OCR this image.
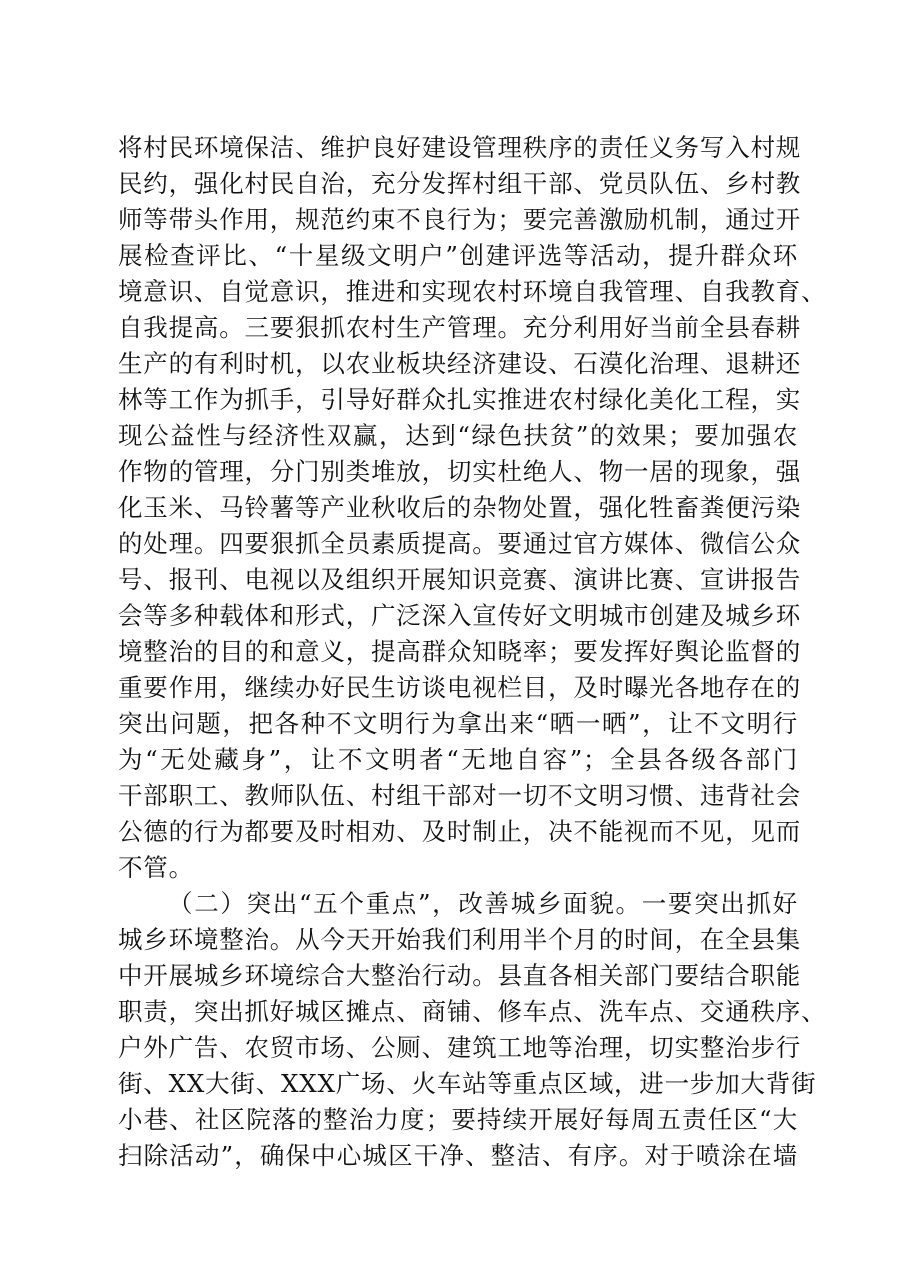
将村民环境保洁、维护良好建设管理秩序的责任义务写入村规
民约，强化村民自治，充分发挥村组干部、党员队伍、乡村教
师等带头作用，规范约束不良行为；要完善激励机制，通过开
展检查评比、“十星级文明户”创建评选等活动，提升群众环
境意识、自觉意识，推进和实现农村环境自我管理、自我教育、
自我提高。三要狠抓农村生产管理。充分利用好当前全县春耕
生产的有利时机，以农业板块经济建设、石漠化治理、退耕还
林等工作为抓手，引导好群众扎实推进农村绿化美化工程，实
现公益性与经济性双赢，达到“绿色扶贫”的效果；要加强农
作物的管理，分门别类堆放，切实杜绝人、物一居的现象，强
化玉米、马铃薯等产业秋收后的杂物处置，强化牲畜粪便污染
的处理。四要狠抓全员素质提高。要通过官方媒体、微信公众
号、报刊、电视以及组织开展知识竞赛、演讲比赛、宣讲报告
会等多种载体和形式，广泛深入宣传好文明城市创建及城乡环
境整治的目的和意义，提高群众知晓率；要发挥好舆论监督的
重要作用，继续办好民生访谈电视栏目，及时曝光各地存在的
突出问题，把各种不文明行为拿出来“晒一晒”，让不文明行
为“无处藏身”，让不文明者“无地自容”；全县各级各部门
干部职工、教师队伍、村组干部对一切不文明习惯、违背社会
公德的行为都要及时相劝、及时制止，决不能视而不见，见而
不管。
（二）突出“五个重点”，改善城乡面貌。一要突出抓好
城乡环境整治。从今天开始我们利用半个月的时间，在全县集
中开展城乡环境综合大整治行动。县直各相关部门要结合职能
职责，突出抓好城区摊点、商铺、修车点、洗车点、交通秩序、
户外广告、农贸市场、公厕、建筑工地等治理，切实整治步行
街、XX大街、XXX广场、火车站等重点区域，进一步加大背街
小巷、社区院落的整治力度；要持续开展好每周五责任区“大
扫除活动”，确保中心城区干净、整洁、有序。对于喷涂在墙
